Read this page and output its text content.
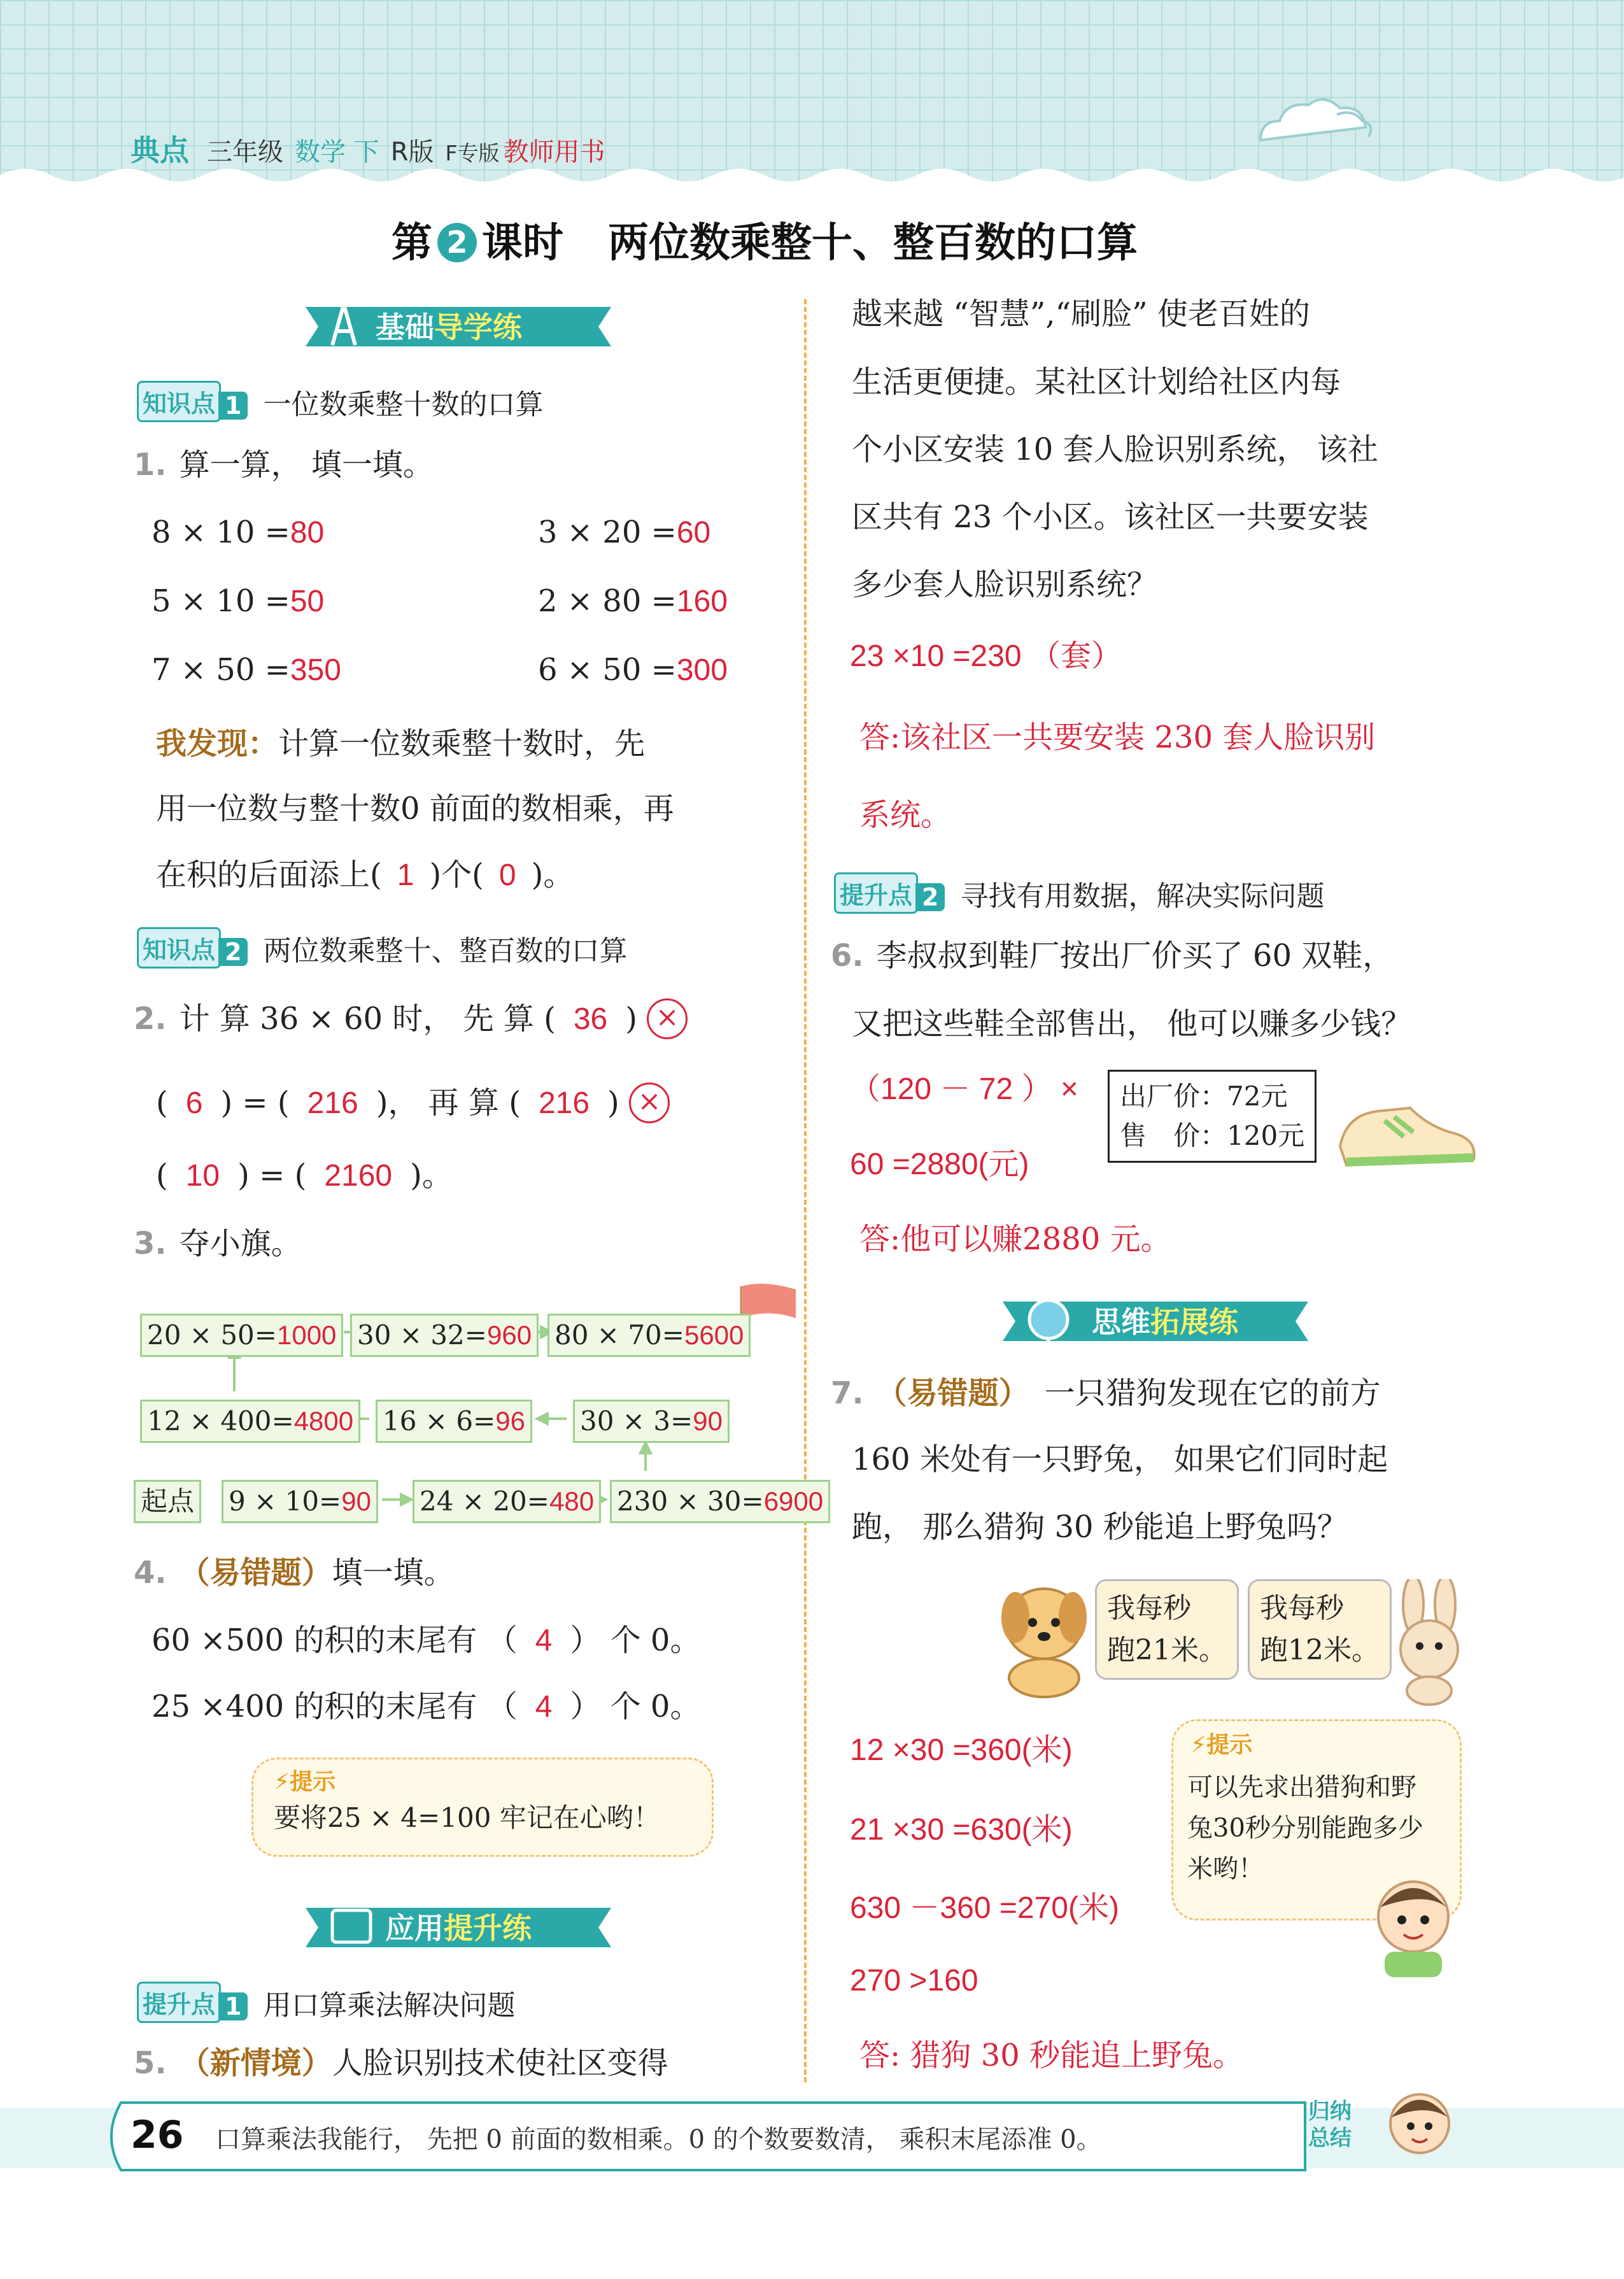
典点 三年级 数学 下 R版 F专版 教师用书
第 2 课时 两位数乘整十、整百数的口算
基础导学练
知识点 1 一位数乘整十数的口算
1. 算一算， 填一填。
8 × 10 =80	3 × 20 =60
5 × 10 =50	2 × 80 =160
7 × 50 =350	6 × 50 =300
我发现：计算一位数乘整十数时，先
用一位数与整十数0 前面的数相乘，再
在积的后面添上( 1 )个( 0 )。
知识点 2 两位数乘整十、整百数的口算
2. 计 算 36 × 60 时， 先 算 ( 36 ) ×
( 6 ) = ( 216 )， 再 算 ( 216 ) ×
( 10 ) = ( 2160 )。
3. 夺小旗。
20 × 50=1000 30 × 32=960 80 × 70=5600
12 × 400=4800 16 × 6=96 30 × 3=90
起点 9 × 10=90 24 × 20=480 230 × 30=6900
4. （易错题）填一填。
60 ×500 的积的末尾有 （ 4 ） 个 0。
25 ×400 的积的末尾有 （ 4 ） 个 0。
⚡提示
要将25 × 4=100 牢记在心哟！
应用提升练
提升点 1 用口算乘法解决问题
5. （新情境）人脸识别技术使社区变得
越来越 “智慧”,“刷脸” 使老百姓的
生活更便捷。某社区计划给社区内每
个小区安装 10 套人脸识别系统， 该社
区共有 23 个小区。该社区一共要安装
多少套人脸识别系统？
23 ×10 =230 （套）
答:该社区一共要安装 230 套人脸识别
系统。
提升点 2 寻找有用数据，解决实际问题
6. 李叔叔到鞋厂按出厂价买了 60 双鞋，
又把这些鞋全部售出， 他可以赚多少钱？
（120 － 72 ） ×
60 =2880(元)
出厂价：72元
售　价：120元
答:他可以赚2880 元。
思维拓展练
7. （易错题） 一只猎狗发现在它的前方
160 米处有一只野兔， 如果它们同时起
跑， 那么猎狗 30 秒能追上野兔吗？
我每秒
跑21米。
我每秒
跑12米。
12 ×30 =360(米)
21 ×30 =630(米)
630 －360 =270(米)
270 >160
答: 猎狗 30 秒能追上野兔。
⚡提示
可以先求出猎狗和野
兔30秒分别能跑多少
米哟！
26 口算乘法我能行， 先把 0 前面的数相乘。0 的个数要数清， 乘积末尾添准 0。
归纳
总结
